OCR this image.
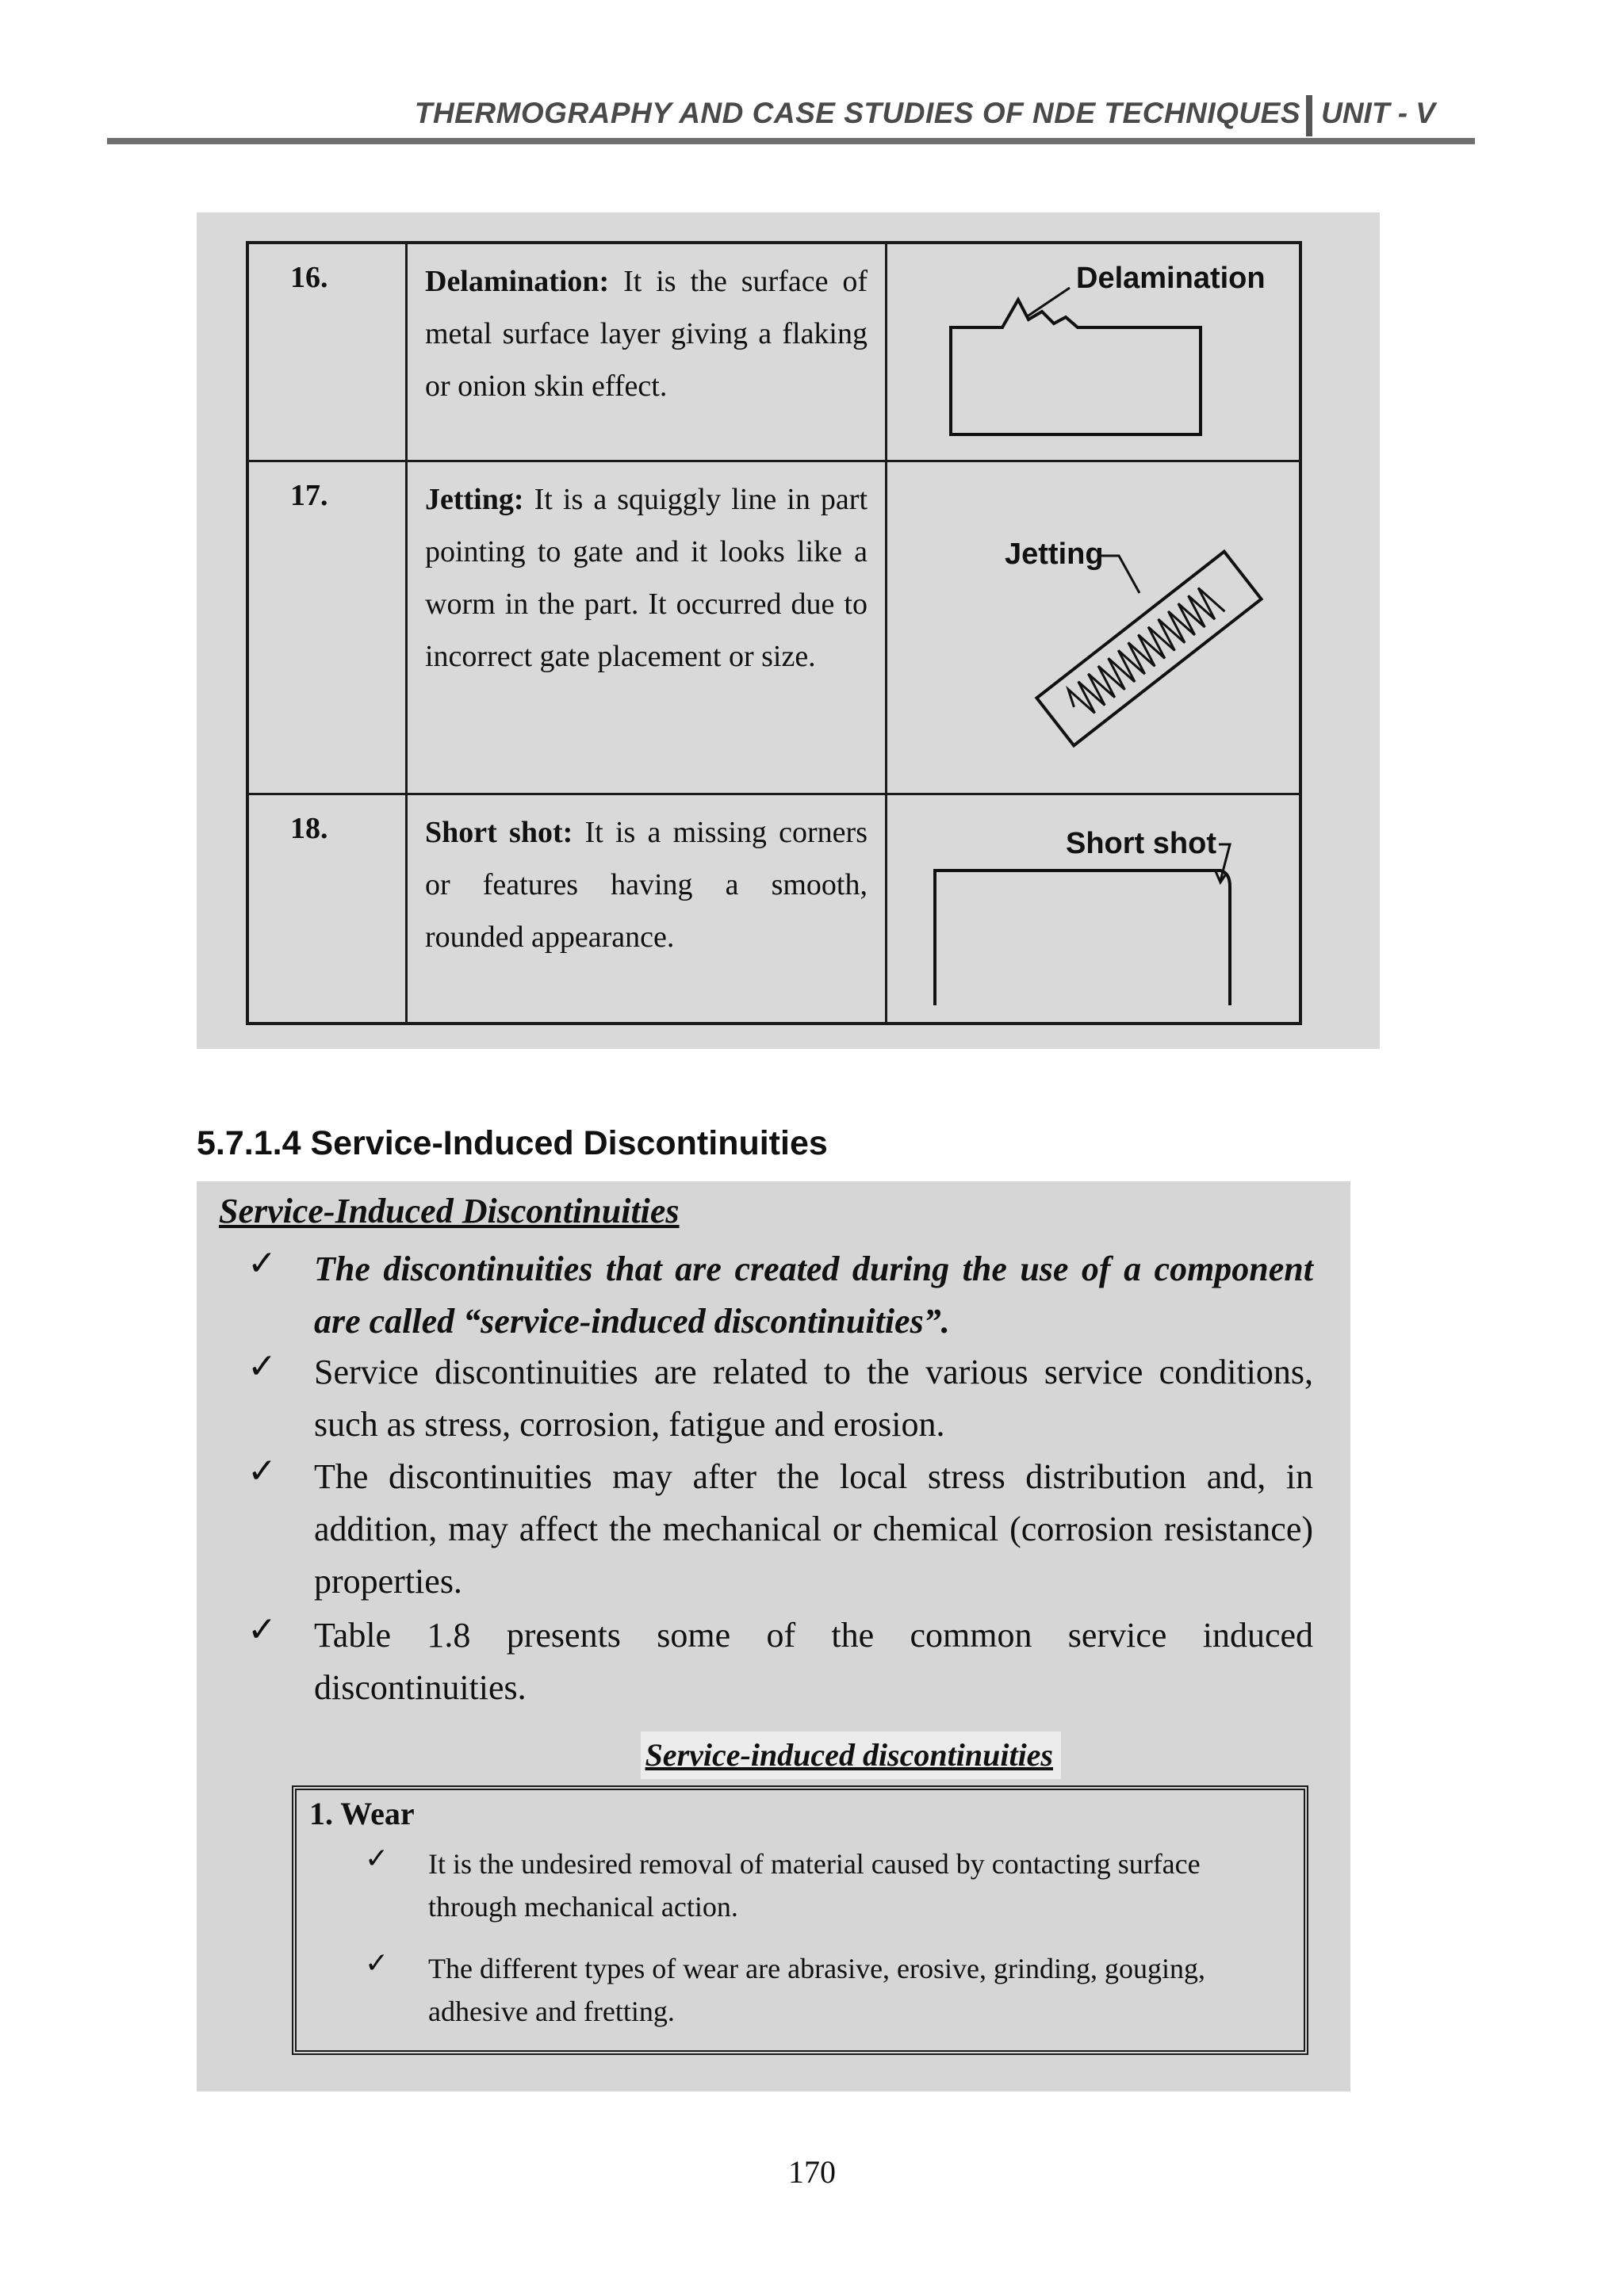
THERMOGRAPHY AND CASE STUDIES OF NDE TECHNIQUES UNIT - V
16.	Delamination: It is the surface of metal surface layer giving a flaking or onion skin effect.	Delamination

17.	Jetting: It is a squiggly line in part pointing to gate and it looks like a worm in the part. It occurred due to incorrect gate placement or size.	Jetting

18.	Short shot: It is a missing corners or features having a smooth, rounded appearance.	Short shot
5.7.1.4 Service-Induced Discontinuities
Service-Induced Discontinuities
✓ The discontinuities that are created during the use of a component are called “service-induced discontinuities”.
✓ Service discontinuities are related to the various service conditions, such as stress, corrosion, fatigue and erosion.
✓ The discontinuities may after the local stress distribution and, in addition, may affect the mechanical or chemical (corrosion resistance) properties.
✓ Table 1.8 presents some of the common service induced discontinuities.
Service-induced discontinuities
1. Wear
✓ It is the undesired removal of material caused by contacting surface through mechanical action.
✓ The different types of wear are abrasive, erosive, grinding, gouging, adhesive and fretting.
170
